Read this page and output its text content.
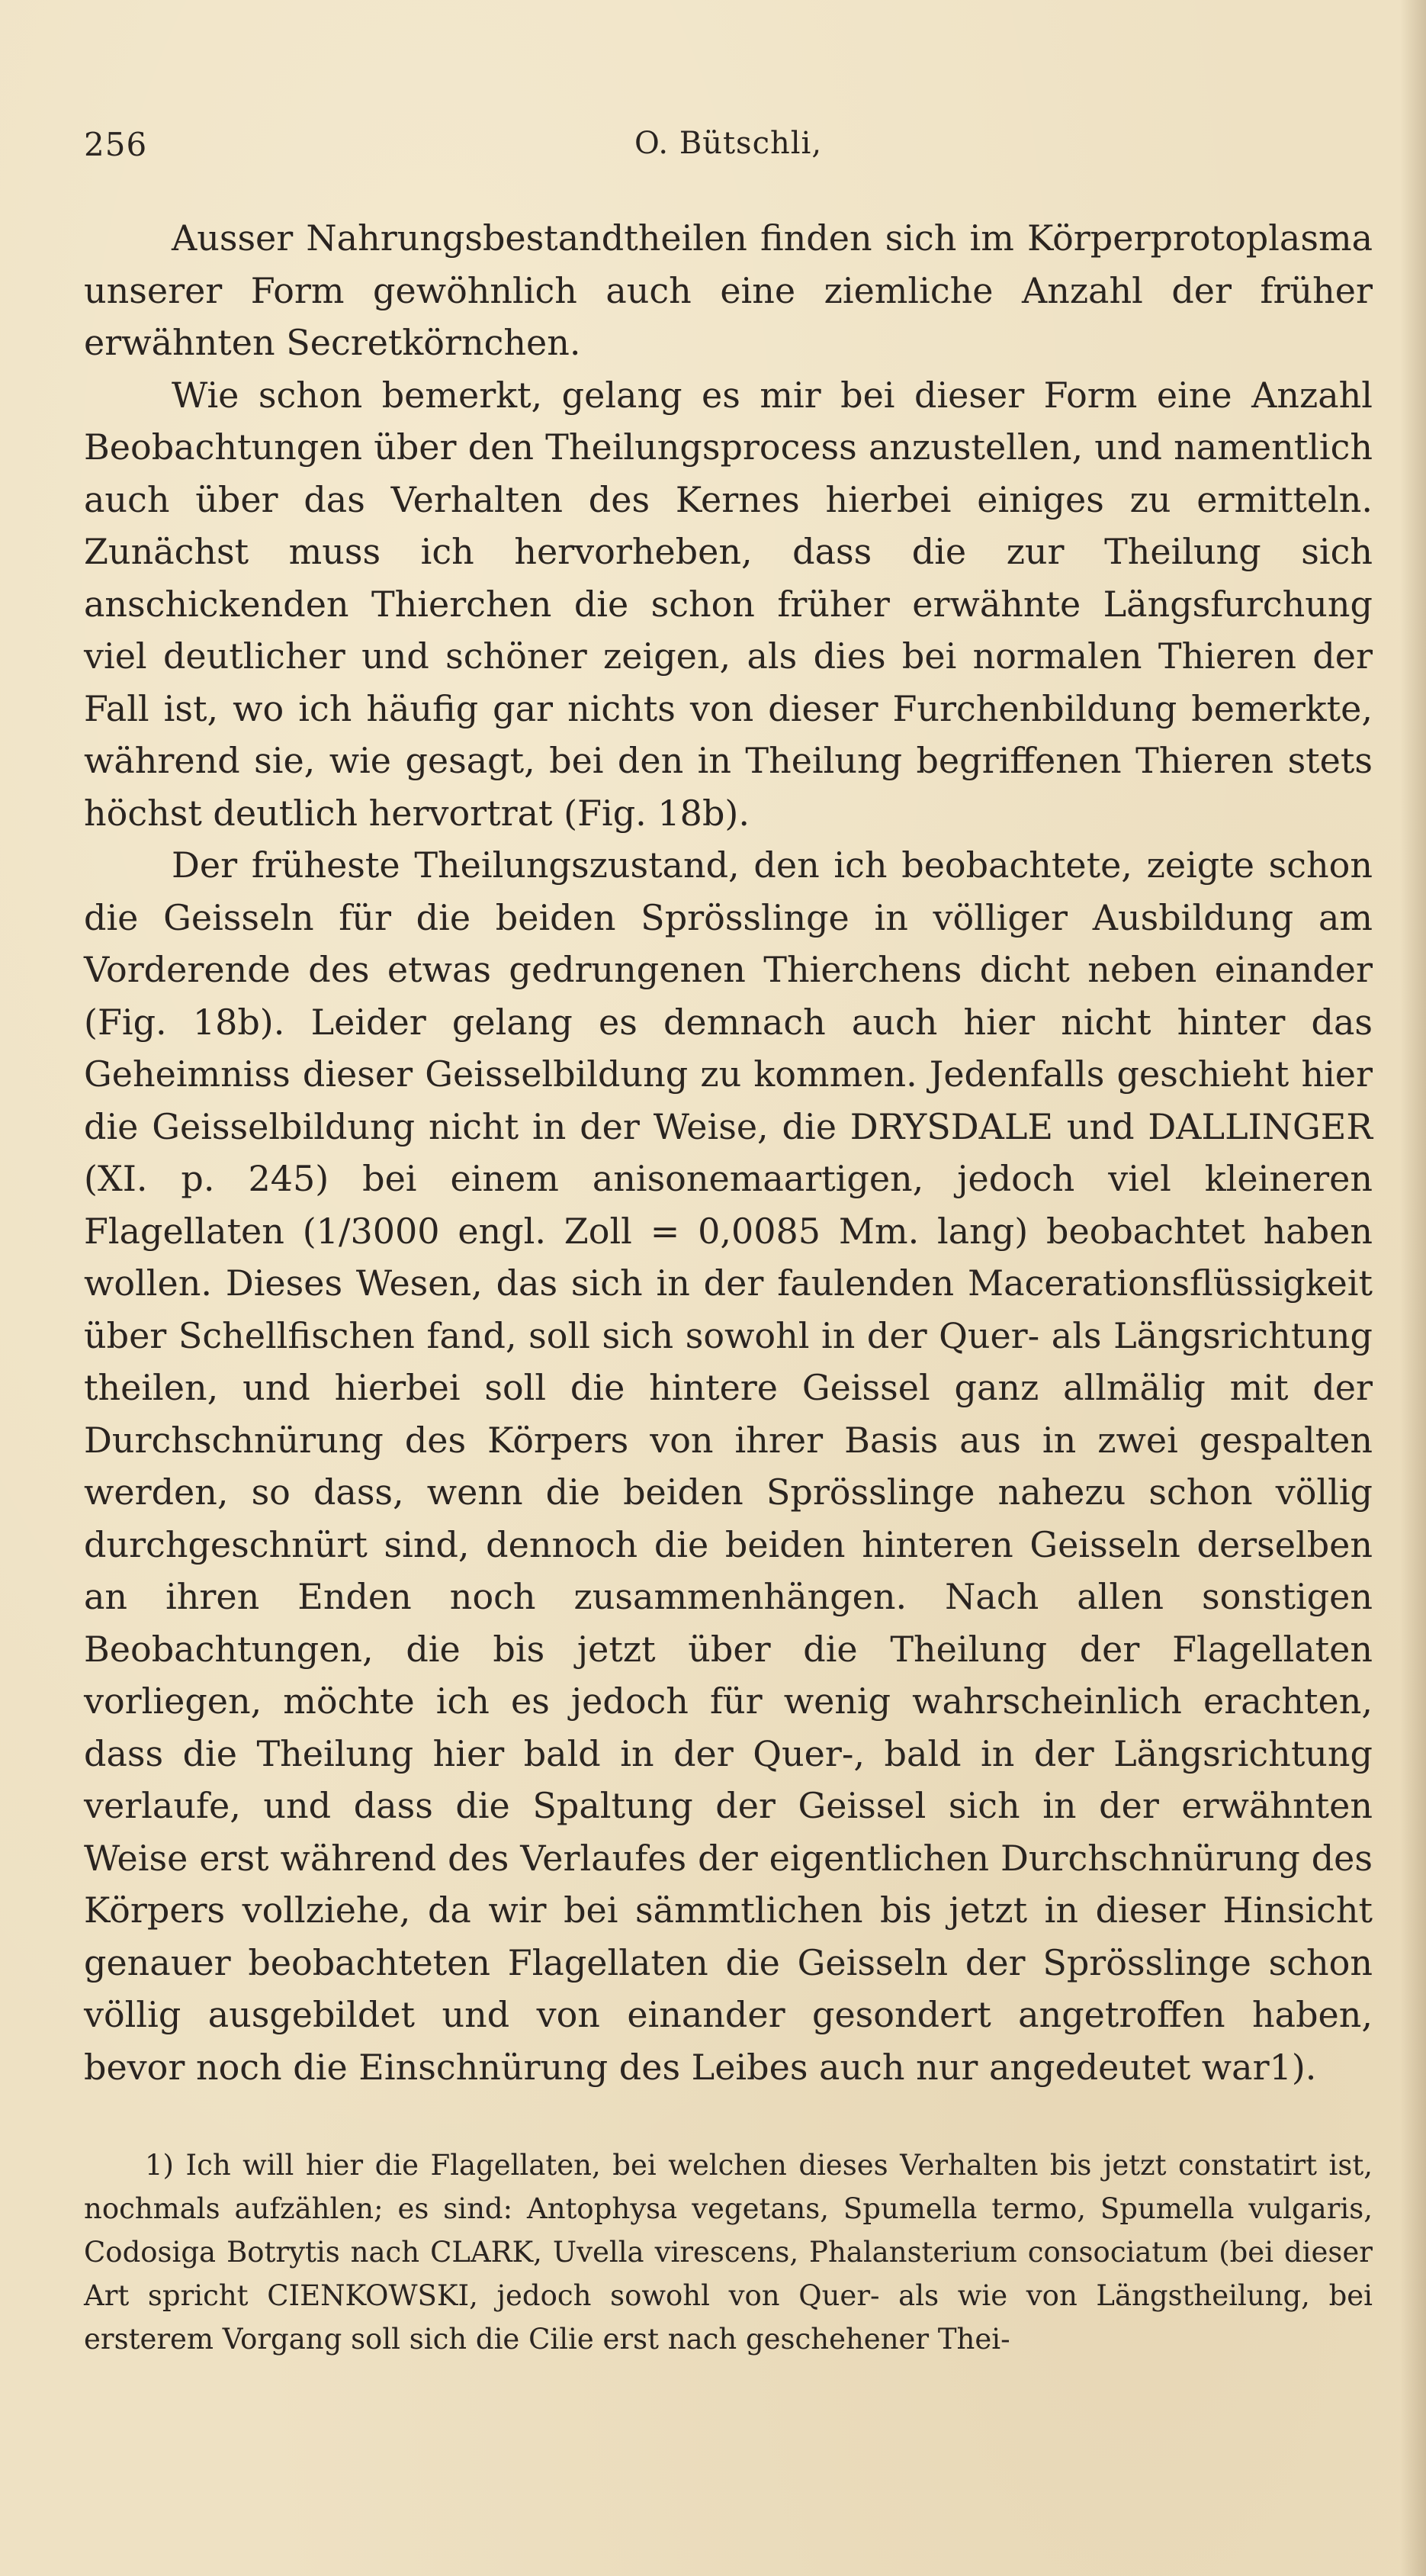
256	O. Bütschli,

Ausser Nahrungsbestandtheilen finden sich im Körperprotoplasma unserer Form gewöhnlich auch eine ziemliche Anzahl der früher erwähnten Secretkörnchen.

Wie schon bemerkt, gelang es mir bei dieser Form eine Anzahl Beobachtungen über den Theilungsprocess anzustellen, und namentlich auch über das Verhalten des Kernes hierbei einiges zu ermitteln. Zunächst muss ich hervorheben, dass die zur Theilung sich anschickenden Thierchen die schon früher erwähnte Längsfurchung viel deutlicher und schöner zeigen, als dies bei normalen Thieren der Fall ist, wo ich häufig gar nichts von dieser Furchenbildung bemerkte, während sie, wie gesagt, bei den in Theilung begriffenen Thieren stets höchst deutlich hervortrat (Fig. 18b).

Der früheste Theilungszustand, den ich beobachtete, zeigte schon die Geisseln für die beiden Sprösslinge in völliger Ausbildung am Vorderende des etwas gedrungenen Thierchens dicht neben einander (Fig. 18b). Leider gelang es demnach auch hier nicht hinter das Geheimniss dieser Geisselbildung zu kommen. Jedenfalls geschieht hier die Geisselbildung nicht in der Weise, die DRYSDALE und DALLINGER (XI. p. 245) bei einem anisonemaartigen, jedoch viel kleineren Flagellaten (1/3000 engl. Zoll = 0,0085 Mm. lang) beobachtet haben wollen. Dieses Wesen, das sich in der faulenden Macerationsflüssigkeit über Schellfischen fand, soll sich sowohl in der Quer- als Längsrichtung theilen, und hierbei soll die hintere Geissel ganz allmälig mit der Durchschnürung des Körpers von ihrer Basis aus in zwei gespalten werden, so dass, wenn die beiden Sprösslinge nahezu schon völlig durchgeschnürt sind, dennoch die beiden hinteren Geisseln derselben an ihren Enden noch zusammenhängen. Nach allen sonstigen Beobachtungen, die bis jetzt über die Theilung der Flagellaten vorliegen, möchte ich es jedoch für wenig wahrscheinlich erachten, dass die Theilung hier bald in der Quer-, bald in der Längsrichtung verlaufe, und dass die Spaltung der Geissel sich in der erwähnten Weise erst während des Verlaufes der eigentlichen Durchschnürung des Körpers vollziehe, da wir bei sämmtlichen bis jetzt in dieser Hinsicht genauer beobachteten Flagellaten die Geisseln der Sprösslinge schon völlig ausgebildet und von einander gesondert angetroffen haben, bevor noch die Einschnürung des Leibes auch nur angedeutet war1).

1) Ich will hier die Flagellaten, bei welchen dieses Verhalten bis jetzt constatirt ist, nochmals aufzählen; es sind: Antophysa vegetans, Spumella termo, Spumella vulgaris, Codosiga Botrytis nach CLARK, Uvella virescens, Phalansterium consociatum (bei dieser Art spricht CIENKOWSKI, jedoch sowohl von Quer- als wie von Längstheilung, bei ersterem Vorgang soll sich die Cilie erst nach geschehener Thei-
